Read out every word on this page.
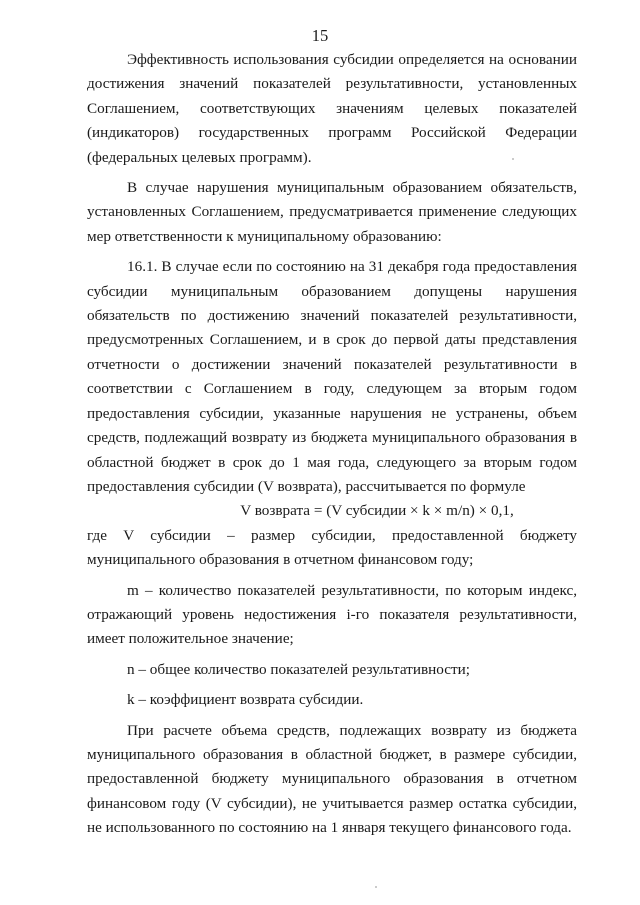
15

Эффективность использования субсидии определяется на основании достижения значений показателей результативности, установленных Соглашением, соответствующих значениям целевых показателей (индикаторов) государственных программ Российской Федерации (федеральных целевых программ).

В случае нарушения муниципальным образованием обязательств, установленных Соглашением, предусматривается применение следующих мер ответственности к муниципальному образованию:

16.1. В случае если по состоянию на 31 декабря года предоставления субсидии муниципальным образованием допущены нарушения обязательств по достижению значений показателей результативности, предусмотренных Соглашением, и в срок до первой даты представления отчетности о достижении значений показателей результативности в соответствии с Соглашением в году, следующем за вторым годом предоставления субсидии, указанные нарушения не устранены, объем средств, подлежащий возврату из бюджета муниципального образования в областной бюджет в срок до 1 мая года, следующего за вторым годом предоставления субсидии (V возврата), рассчитывается по формуле

V возврата = (V субсидии × k × m/n) × 0,1,

где V субсидии – размер субсидии, предоставленной бюджету муниципального образования в отчетном финансовом году;

m – количество показателей результативности, по которым индекс, отражающий уровень недостижения i-го показателя результативности, имеет положительное значение;

n – общее количество показателей результативности;

k – коэффициент возврата субсидии.

При расчете объема средств, подлежащих возврату из бюджета муниципального образования в областной бюджет, в размере субсидии, предоставленной бюджету муниципального образования в отчетном финансовом году (V субсидии), не учитывается размер остатка субсидии, не использованного по состоянию на 1 января текущего финансового года.
